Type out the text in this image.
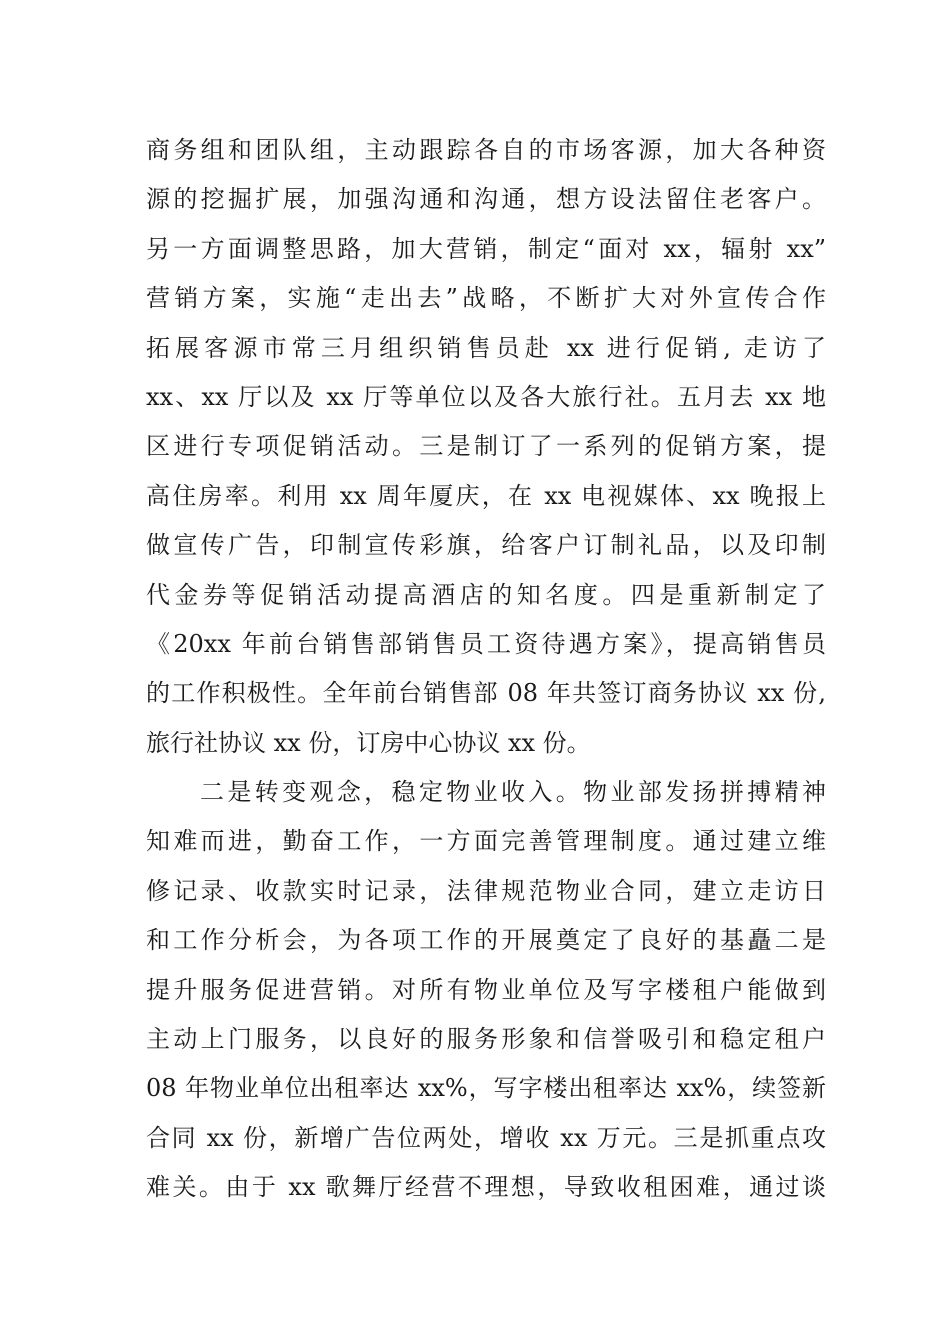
商务组和团队组，主动跟踪各自的市场客源，加大各种资
源的挖掘扩展，加强沟通和沟通，想方设法留住老客户。
另一方面调整思路，加大营销，制定“面对 xx，辐射 xx”
营销方案，实施“走出去”战略，不断扩大对外宣传合作
拓展客源市常三月组织销售员赴 xx 进行促销, 走访了
xx、xx 厅以及 xx 厅等单位以及各大旅行社。五月去 xx 地
区进行专项促销活动。三是制订了一系列的促销方案，提
高住房率。利用 xx 周年厦庆，在 xx 电视媒体、xx 晚报上
做宣传广告，印制宣传彩旗，给客户订制礼品，以及印制
代金券等促销活动提高酒店的知名度。四是重新制定了
《20xx 年前台销售部销售员工资待遇方案》，提高销售员
的工作积极性。全年前台销售部 08 年共签订商务协议 xx 份,
旅行社协议 xx 份，订房中心协议 xx 份。
二是转变观念，稳定物业收入。物业部发扬拼搏精神
知难而进，勤奋工作，一方面完善管理制度。通过建立维
修记录、收款实时记录，法律规范物业合同，建立走访日
和工作分析会，为各项工作的开展奠定了良好的基矗二是
提升服务促进营销。对所有物业单位及写字楼租户能做到
主动上门服务，以良好的服务形象和信誉吸引和稳定租户
08 年物业单位出租率达 xx%，写字楼出租率达 xx%，续签新
合同 xx 份，新增广告位两处，增收 xx 万元。三是抓重点攻
难关。由于 xx 歌舞厅经营不理想，导致收租困难，通过谈
